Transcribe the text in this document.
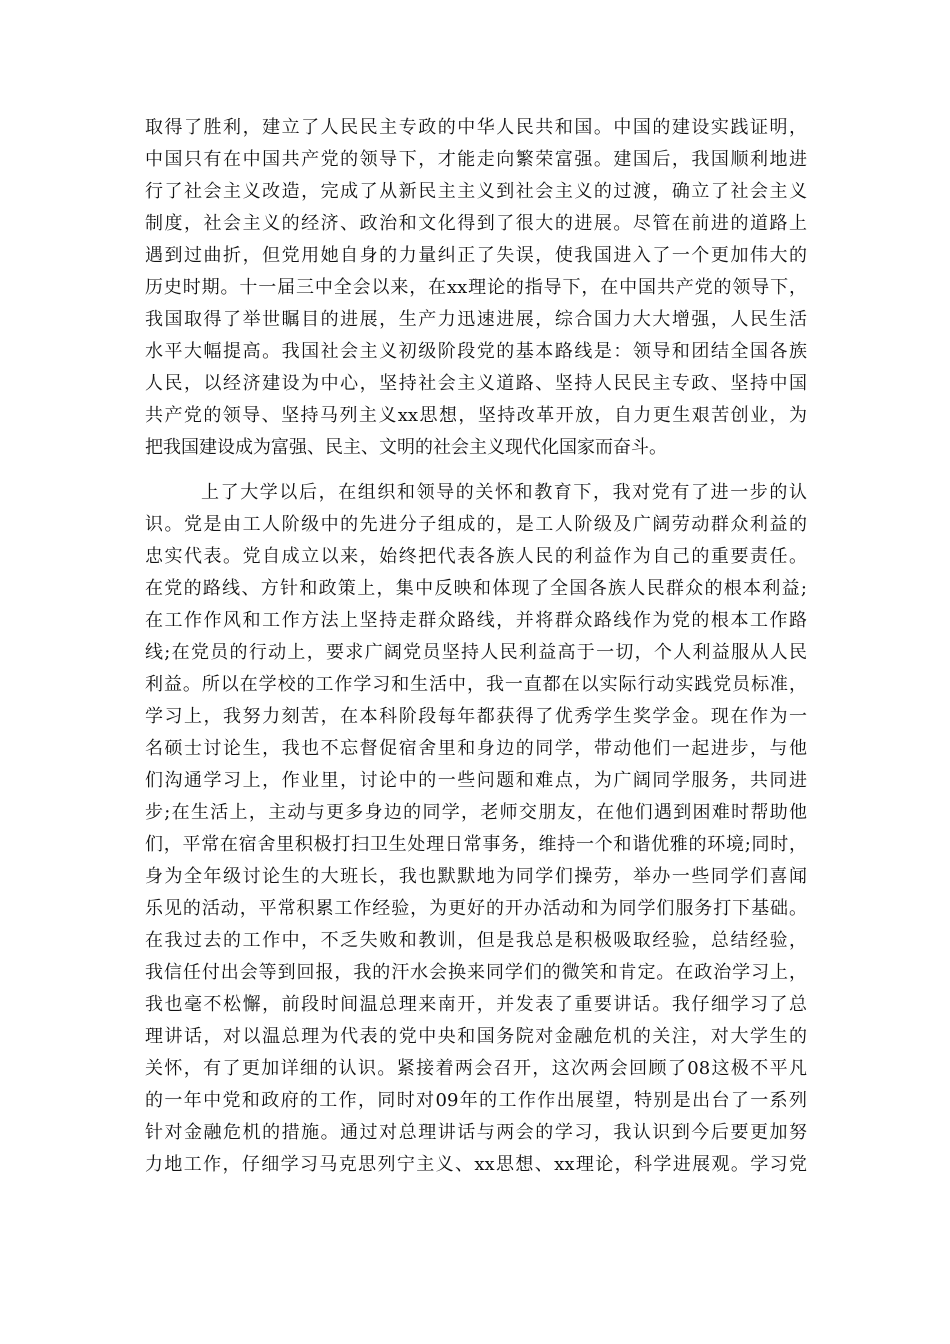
取得了胜利，建立了人民民主专政的中华人民共和国。中国的建设实践证明，
中国只有在中国共产党的领导下，才能走向繁荣富强。建国后，我国顺利地进
行了社会主义改造，完成了从新民主主义到社会主义的过渡，确立了社会主义
制度，社会主义的经济、政治和文化得到了很大的进展。尽管在前进的道路上
遇到过曲折，但党用她自身的力量纠正了失误，使我国进入了一个更加伟大的
历史时期。十一届三中全会以来，在xx理论的指导下，在中国共产党的领导下，
我国取得了举世瞩目的进展，生产力迅速进展，综合国力大大增强，人民生活
水平大幅提高。我国社会主义初级阶段党的基本路线是：领导和团结全国各族
人民，以经济建设为中心，坚持社会主义道路、坚持人民民主专政、坚持中国
共产党的领导、坚持马列主义xx思想，坚持改革开放，自力更生艰苦创业，为
把我国建设成为富强、民主、文明的社会主义现代化国家而奋斗。
上了大学以后，在组织和领导的关怀和教育下，我对党有了进一步的认
识。党是由工人阶级中的先进分子组成的，是工人阶级及广阔劳动群众利益的
忠实代表。党自成立以来，始终把代表各族人民的利益作为自己的重要责任。
在党的路线、方针和政策上，集中反映和体现了全国各族人民群众的根本利益;
在工作作风和工作方法上坚持走群众路线，并将群众路线作为党的根本工作路
线;在党员的行动上，要求广阔党员坚持人民利益高于一切，个人利益服从人民
利益。所以在学校的工作学习和生活中，我一直都在以实际行动实践党员标准，
学习上，我努力刻苦，在本科阶段每年都获得了优秀学生奖学金。现在作为一
名硕士讨论生，我也不忘督促宿舍里和身边的同学，带动他们一起进步，与他
们沟通学习上，作业里，讨论中的一些问题和难点，为广阔同学服务，共同进
步;在生活上，主动与更多身边的同学，老师交朋友，在他们遇到困难时帮助他
们，平常在宿舍里积极打扫卫生处理日常事务，维持一个和谐优雅的环境;同时，
身为全年级讨论生的大班长，我也默默地为同学们操劳，举办一些同学们喜闻
乐见的活动，平常积累工作经验，为更好的开办活动和为同学们服务打下基础。
在我过去的工作中，不乏失败和教训，但是我总是积极吸取经验，总结经验，
我信任付出会等到回报，我的汗水会换来同学们的微笑和肯定。在政治学习上，
我也毫不松懈，前段时间温总理来南开，并发表了重要讲话。我仔细学习了总
理讲话，对以温总理为代表的党中央和国务院对金融危机的关注，对大学生的
关怀，有了更加详细的认识。紧接着两会召开，这次两会回顾了08这极不平凡
的一年中党和政府的工作，同时对09年的工作作出展望，特别是出台了一系列
针对金融危机的措施。通过对总理讲话与两会的学习，我认识到今后要更加努
力地工作，仔细学习马克思列宁主义、xx思想、xx理论，科学进展观。学习党
